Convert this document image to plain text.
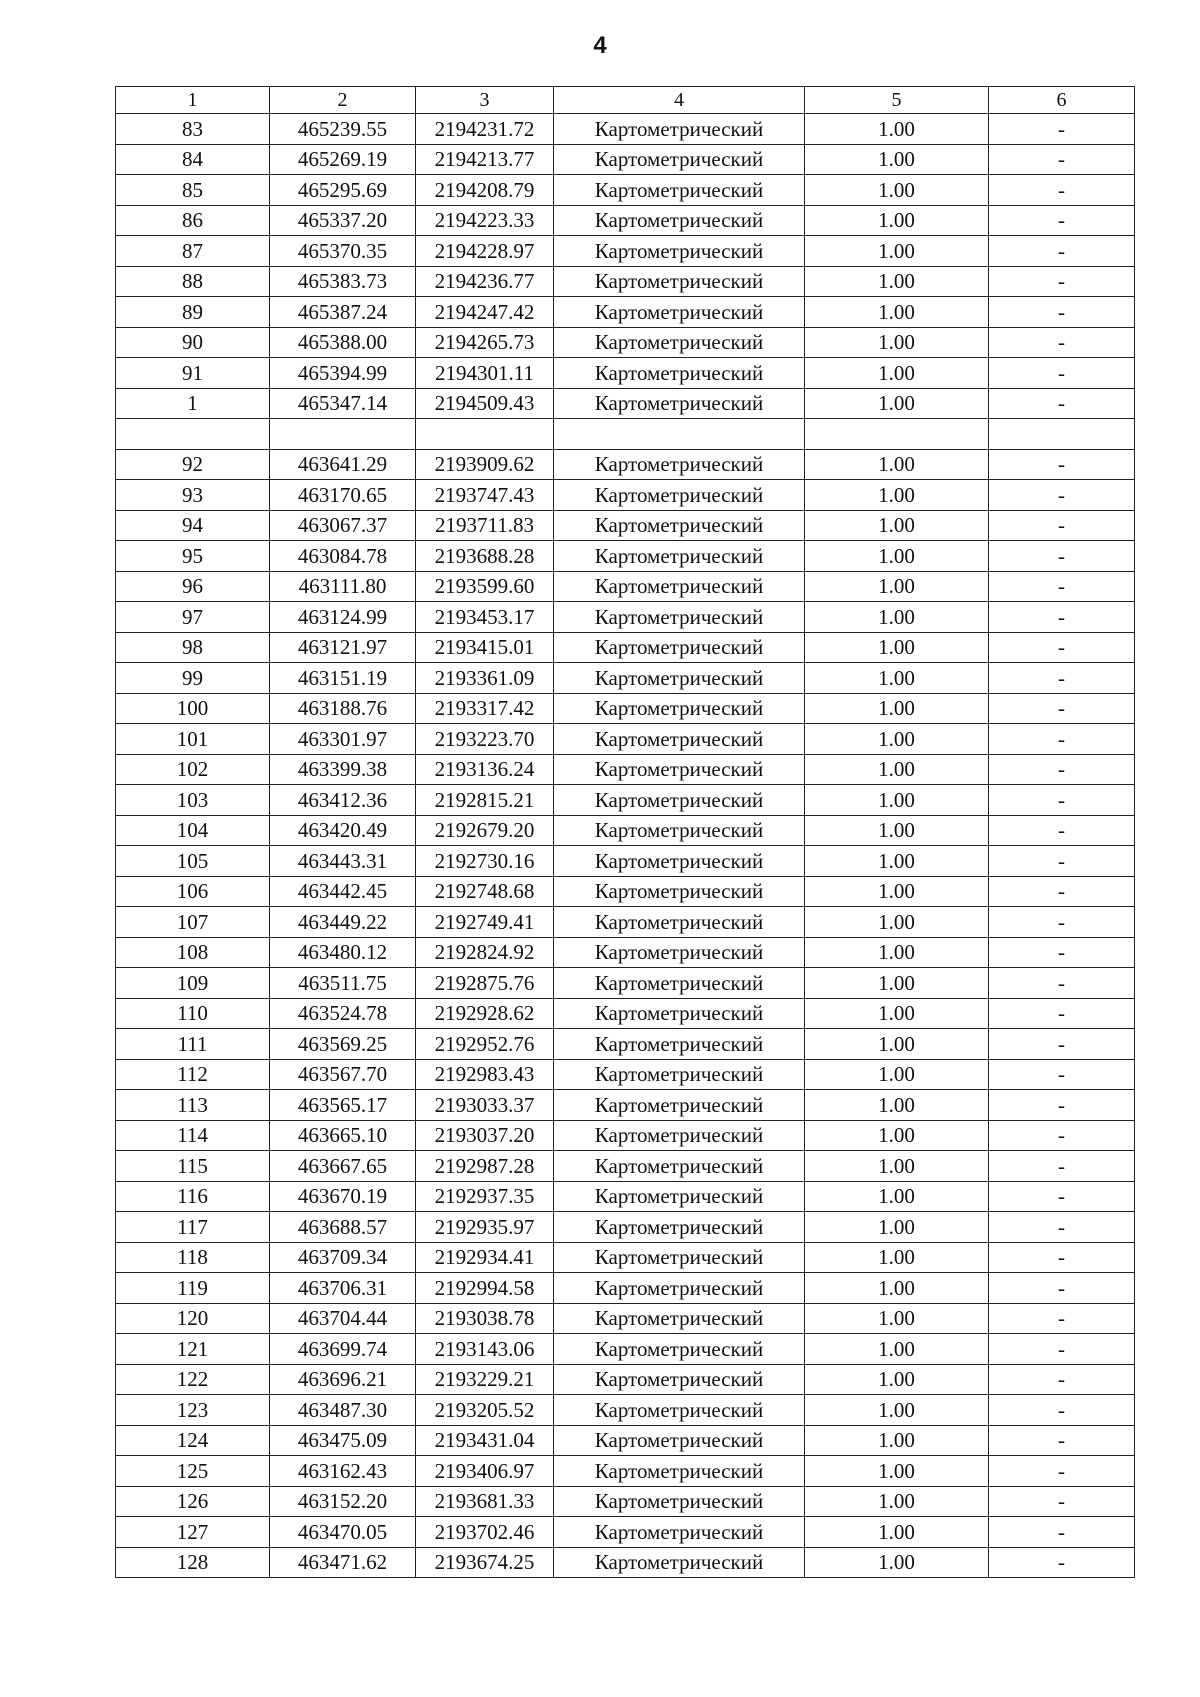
4
1	2	3	4	5	6
83	465239.55	2194231.72	Картометрический	1.00	-
84	465269.19	2194213.77	Картометрический	1.00	-
85	465295.69	2194208.79	Картометрический	1.00	-
86	465337.20	2194223.33	Картометрический	1.00	-
87	465370.35	2194228.97	Картометрический	1.00	-
88	465383.73	2194236.77	Картометрический	1.00	-
89	465387.24	2194247.42	Картометрический	1.00	-
90	465388.00	2194265.73	Картометрический	1.00	-
91	465394.99	2194301.11	Картометрический	1.00	-
1	465347.14	2194509.43	Картометрический	1.00	-

92	463641.29	2193909.62	Картометрический	1.00	-
93	463170.65	2193747.43	Картометрический	1.00	-
94	463067.37	2193711.83	Картометрический	1.00	-
95	463084.78	2193688.28	Картометрический	1.00	-
96	463111.80	2193599.60	Картометрический	1.00	-
97	463124.99	2193453.17	Картометрический	1.00	-
98	463121.97	2193415.01	Картометрический	1.00	-
99	463151.19	2193361.09	Картометрический	1.00	-
100	463188.76	2193317.42	Картометрический	1.00	-
101	463301.97	2193223.70	Картометрический	1.00	-
102	463399.38	2193136.24	Картометрический	1.00	-
103	463412.36	2192815.21	Картометрический	1.00	-
104	463420.49	2192679.20	Картометрический	1.00	-
105	463443.31	2192730.16	Картометрический	1.00	-
106	463442.45	2192748.68	Картометрический	1.00	-
107	463449.22	2192749.41	Картометрический	1.00	-
108	463480.12	2192824.92	Картометрический	1.00	-
109	463511.75	2192875.76	Картометрический	1.00	-
110	463524.78	2192928.62	Картометрический	1.00	-
111	463569.25	2192952.76	Картометрический	1.00	-
112	463567.70	2192983.43	Картометрический	1.00	-
113	463565.17	2193033.37	Картометрический	1.00	-
114	463665.10	2193037.20	Картометрический	1.00	-
115	463667.65	2192987.28	Картометрический	1.00	-
116	463670.19	2192937.35	Картометрический	1.00	-
117	463688.57	2192935.97	Картометрический	1.00	-
118	463709.34	2192934.41	Картометрический	1.00	-
119	463706.31	2192994.58	Картометрический	1.00	-
120	463704.44	2193038.78	Картометрический	1.00	-
121	463699.74	2193143.06	Картометрический	1.00	-
122	463696.21	2193229.21	Картометрический	1.00	-
123	463487.30	2193205.52	Картометрический	1.00	-
124	463475.09	2193431.04	Картометрический	1.00	-
125	463162.43	2193406.97	Картометрический	1.00	-
126	463152.20	2193681.33	Картометрический	1.00	-
127	463470.05	2193702.46	Картометрический	1.00	-
128	463471.62	2193674.25	Картометрический	1.00	-
